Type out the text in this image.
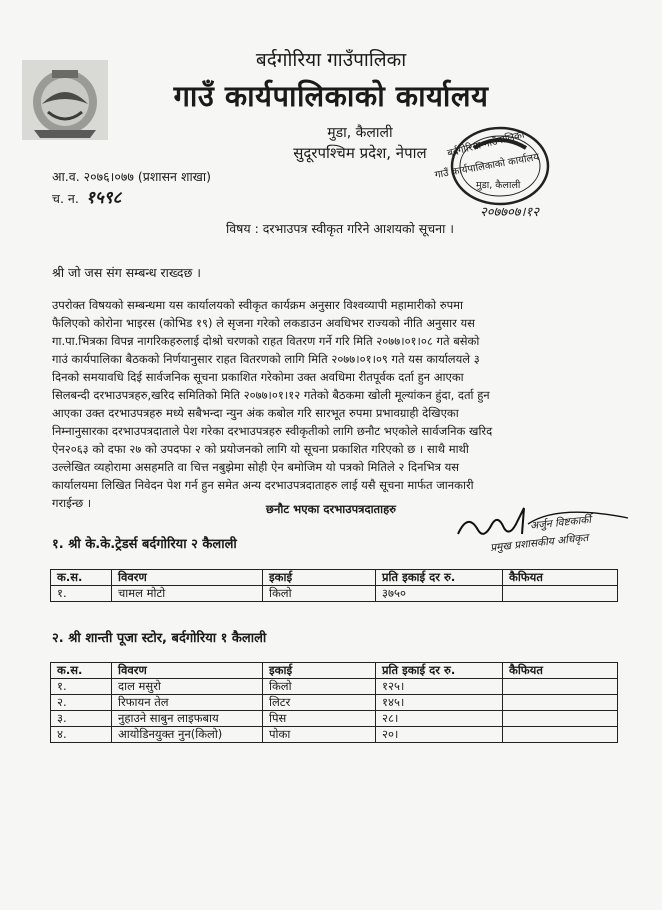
बर्दगोरिया गाउँपालिका
गाउँ कार्यपालिकाको कार्यालय
मुडा, कैलाली
सुदूरपश्चिम प्रदेश, नेपाल	बर्दगोरिया गाउँपालिका
गाउँ कार्यपालिकाको कार्यालय
मुडा, कैलाली
२०७७०७।१२
आ.व. २०७६।०७७ (प्रशासन शाखा)
च. न. १५९८
विषय : दरभाउपत्र स्वीकृत गरिने आशयको सूचना ।
श्री जो जस संग सम्बन्ध राख्दछ ।
उपरोक्त विषयको सम्बन्धमा यस कार्यालयको स्वीकृत कार्यक्रम अनुसार विश्वव्यापी महामारीको रुपमा
फैलिएको कोरोना भाइरस (कोभिड १९) ले सृजना गरेको लकडाउन अवधिभर राज्यको नीति अनुसार यस
गा.पा.भित्रका विपन्न नागरिकहरुलाई दोश्रो चरणको राहत वितरण गर्ने गरि मिति २०७७।०१।०८ गते बसेको
गाउं कार्यपालिका बैठकको निर्णयानुसार राहत वितरणको लागि मिति २०७७।०१।०९ गते यस कार्यालयले ३
दिनको समयावधि दिई सार्वजनिक सूचना प्रकाशित गरेकोमा उक्त अवधिमा रीतपूर्वक दर्ता हुन आएका
सिलबन्दी दरभाउपत्रहरु,खरिद समितिको मिति २०७७।०१।१२ गतेको बैठकमा खोली मूल्यांकन हुंदा, दर्ता हुन
आएका उक्त दरभाउपत्रहरु मध्ये सबैभन्दा न्युन अंक कबोल गरि सारभूत रुपमा प्रभावग्राही देखिएका
निम्नानुसारका दरभाउपत्रदाताले पेश गरेका दरभाउपत्रहरु स्वीकृतीको लागि छनौट भएकोले सार्वजनिक खरिद
ऐन२०६३ को दफा २७ को उपदफा २ को प्रयोजनको लागि यो सूचना प्रकाशित गरिएको छ । साथै माथी
उल्लेखित व्यहोरामा असहमति वा चित्त नबुझेमा सोही ऐन बमोजिम यो पत्रको मितिले २ दिनभित्र यस
कार्यालयमा लिखित निवेदन पेश गर्न हुन समेत अन्य दरभाउपत्रदाताहरु लाई यसै सूचना मार्फत जानकारी
गराईन्छ ।	छनौट भएका दरभाउपत्रदाताहरु
अर्जुन विष्टकार्की
प्रमुख प्रशासकीय अधिकृत
१. श्री के.के.ट्रेडर्स बर्दगोरिया २ कैलाली
क.स.	विवरण	इकाई	प्रति इकाई दर रु.	कैफियत
१.	चामल मोटो	किलो	३७५०	
२. श्री शान्ती पूजा स्टोर, बर्दगोरिया १ कैलाली
क.स.	विवरण	इकाई	प्रति इकाई दर रु.	कैफियत
१.	दाल मसुरो	किलो	१२५।	
२.	रिफायन तेल	लिटर	१४५।	
३.	नुहाउने साबुन लाइफबाय	पिस	२८।	
४.	आयोडिनयुक्त नुन(किलो)	पोका	२०।	
